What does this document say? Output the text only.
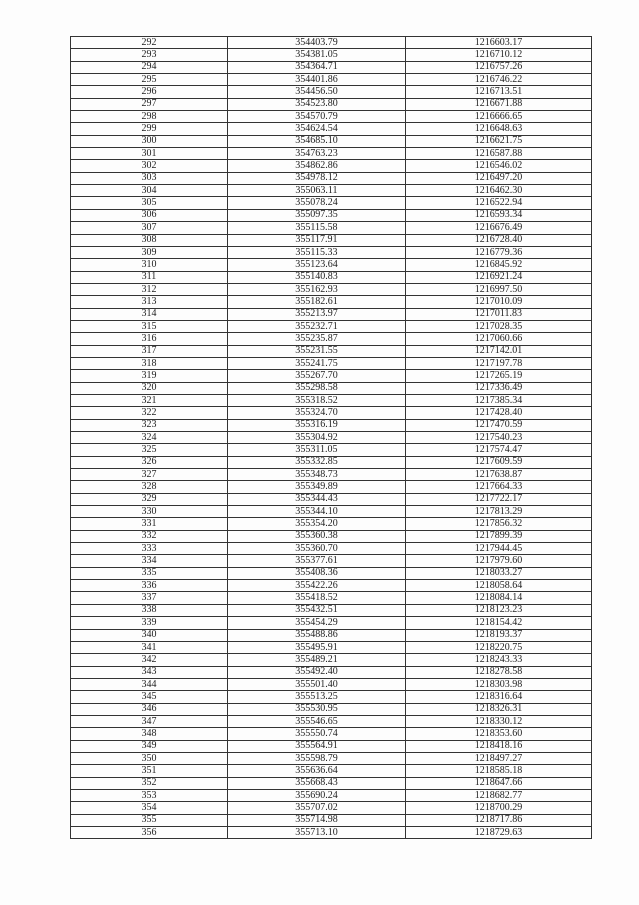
292	354403.79	1216603.17
293	354381.05	1216710.12
294	354364.71	1216757.26
295	354401.86	1216746.22
296	354456.50	1216713.51
297	354523.80	1216671.88
298	354570.79	1216666.65
299	354624.54	1216648.63
300	354685.10	1216621.75
301	354763.23	1216587.88
302	354862.86	1216546.02
303	354978.12	1216497.20
304	355063.11	1216462.30
305	355078.24	1216522.94
306	355097.35	1216593.34
307	355115.58	1216676.49
308	355117.91	1216728.40
309	355115.33	1216779.36
310	355123.64	1216845.92
311	355140.83	1216921.24
312	355162.93	1216997.50
313	355182.61	1217010.09
314	355213.97	1217011.83
315	355232.71	1217028.35
316	355235.87	1217060.66
317	355231.55	1217142.01
318	355241.75	1217197.78
319	355267.70	1217265.19
320	355298.58	1217336.49
321	355318.52	1217385.34
322	355324.70	1217428.40
323	355316.19	1217470.59
324	355304.92	1217540.23
325	355311.05	1217574.47
326	355332.85	1217609.59
327	355348.73	1217638.87
328	355349.89	1217664.33
329	355344.43	1217722.17
330	355344.10	1217813.29
331	355354.20	1217856.32
332	355360.38	1217899.39
333	355360.70	1217944.45
334	355377.61	1217979.60
335	355408.36	1218033.27
336	355422.26	1218058.64
337	355418.52	1218084.14
338	355432.51	1218123.23
339	355454.29	1218154.42
340	355488.86	1218193.37
341	355495.91	1218220.75
342	355489.21	1218243.33
343	355492.40	1218278.58
344	355501.40	1218303.98
345	355513.25	1218316.64
346	355530.95	1218326.31
347	355546.65	1218330.12
348	355550.74	1218353.60
349	355564.91	1218418.16
350	355598.79	1218497.27
351	355636.64	1218585.18
352	355668.43	1218647.66
353	355690.24	1218682.77
354	355707.02	1218700.29
355	355714.98	1218717.86
356	355713.10	1218729.63
